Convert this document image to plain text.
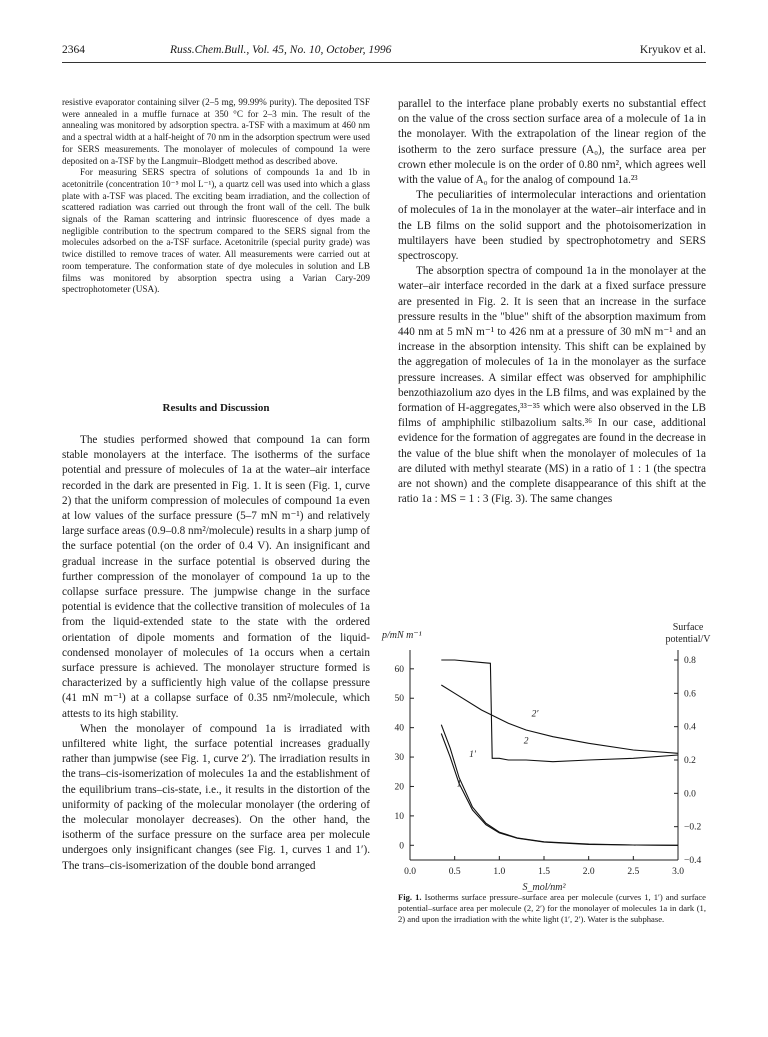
2364	Russ.Chem.Bull., Vol. 45, No. 10, October, 1996	Kryukov et al.

resistive evaporator containing silver (2–5 mg, 99.99% purity). The deposited TSF were annealed in a muffle furnace at 350 °C for 2–3 min. The result of the annealing was monitored by adsorption spectra. a-TSF with a maximum at 460 nm and a spectral width at a half-height of 70 nm in the adsorption spectrum were used for SERS measurements. The monolayer of molecules of compound 1a were deposited on a-TSF by the Langmuir–Blodgett method as described above.

For measuring SERS spectra of solutions of compounds 1a and 1b in acetonitrile (concentration 10⁻⁵ mol L⁻¹), a quartz cell was used into which a glass plate with a-TSF was placed. The exciting beam irradiation, and the collection of scattered radiation was carried out through the front wall of the cell. The bulk signals of the Raman scattering and intrinsic fluorescence of dyes made a negligible contribution to the spectrum compared to the SERS signal from the molecules adsorbed on the a-TSF surface. Acetonitrile (special purity grade) was twice distilled to remove traces of water. All measurements were carried out at room temperature. The conformation state of dye molecules in solution and LB films was monitored by absorption spectra using a Varian Cary-209 spectrophotometer (USA).

Results and Discussion

The studies performed showed that compound 1a can form stable monolayers at the interface. The isotherms of the surface potential and pressure of molecules of 1a at the water–air interface recorded in the dark are presented in Fig. 1. It is seen (Fig. 1, curve 2) that the uniform compression of molecules of compound 1a even at low values of the surface pressure (5–7 mN m⁻¹) and relatively large surface areas (0.9–0.8 nm²/molecule) results in a sharp jump of the surface potential (on the order of 0.4 V). An insignificant and gradual increase in the surface potential is observed during the further compression of the monolayer of compound 1a up to the collapse surface pressure. The jumpwise change in the surface potential is evidence that the collective transition of molecules of 1a from the liquid-extended state to the state with the ordered orientation of dipole moments and formation of the liquid-condensed monolayer of molecules of 1a occurs when a certain surface pressure is achieved. The monolayer structure formed is characterized by a sufficiently high value of the collapse pressure (41 mN m⁻¹) at a collapse surface of 0.35 nm²/molecule, which attests to its high stability.

When the monolayer of compound 1a is irradiated with unfiltered white light, the surface potential increases gradually rather than jumpwise (see Fig. 1, curve 2′). The irradiation results in the trans–cis-isomerization of molecules 1a and the establishment of the equilibrium trans–cis-state, i.e., it results in the distortion of the uniformity of packing of the molecular monolayer (the ordering of the molecular monolayer decreases). On the other hand, the isotherm of the surface pressure on the surface area per molecule undergoes only insignificant changes (see Fig. 1, curves 1 and 1′). The trans–cis-isomerization of the double bond arranged

parallel to the interface plane probably exerts no substantial effect on the value of the cross section surface area of a molecule of 1a in the monolayer. With the extrapolation of the linear region of the isotherm to the zero surface pressure (A₀), the surface area per crown ether molecule is on the order of 0.80 nm², which agrees well with the value of A₀ for the analog of compound 1a.²³

The peculiarities of intermolecular interactions and orientation of molecules of 1a in the monolayer at the water–air interface and in the LB films on the solid support and the photoisomerization in multilayers have been studied by spectrophotometry and SERS spectroscopy.

The absorption spectra of compound 1a in the monolayer at the water–air interface recorded in the dark at a fixed surface pressure are presented in Fig. 2. It is seen that an increase in the surface pressure results in the "blue" shift of the absorption maximum from 440 nm at 5 mN m⁻¹ to 426 nm at a pressure of 30 mN m⁻¹ and an increase in the absorption intensity. This shift can be explained by the aggregation of molecules of 1a in the monolayer as the surface pressure increases. A similar effect was observed for amphiphilic benzothiazolium azo dyes in the LB films, and was explained by the formation of H-aggregates,³³⁻³⁵ which were also observed in the LB films of amphiphilic stilbazolium salts.³⁶ In our case, additional evidence for the formation of aggregates are found in the decrease in the value of the blue shift when the monolayer of molecules of 1a are diluted with methyl stearate (MS) in a ratio of 1 : 1 (the spectra are not shown) and the complete disappearance of this shift at the ratio 1a : MS = 1 : 3 (Fig. 3). The same changes

0.0	0.5	1.0	1.5	2.0	2.5	3.0
0
10
20
30
40
50
60
0.8
0.6
0.4
0.2
0.0
−0.2
−0.4
p/mN m⁻¹
Surface
potential/V
S_mol/nm²
1
1′
2
2′
Fig. 1. Isotherms surface pressure–surface area per molecule (curves 1, 1′) and surface potential–surface area per molecule (2, 2′) for the monolayer of molecules 1a in dark (1, 2) and upon the irradiation with the white light (1′, 2′). Water is the subphase.
